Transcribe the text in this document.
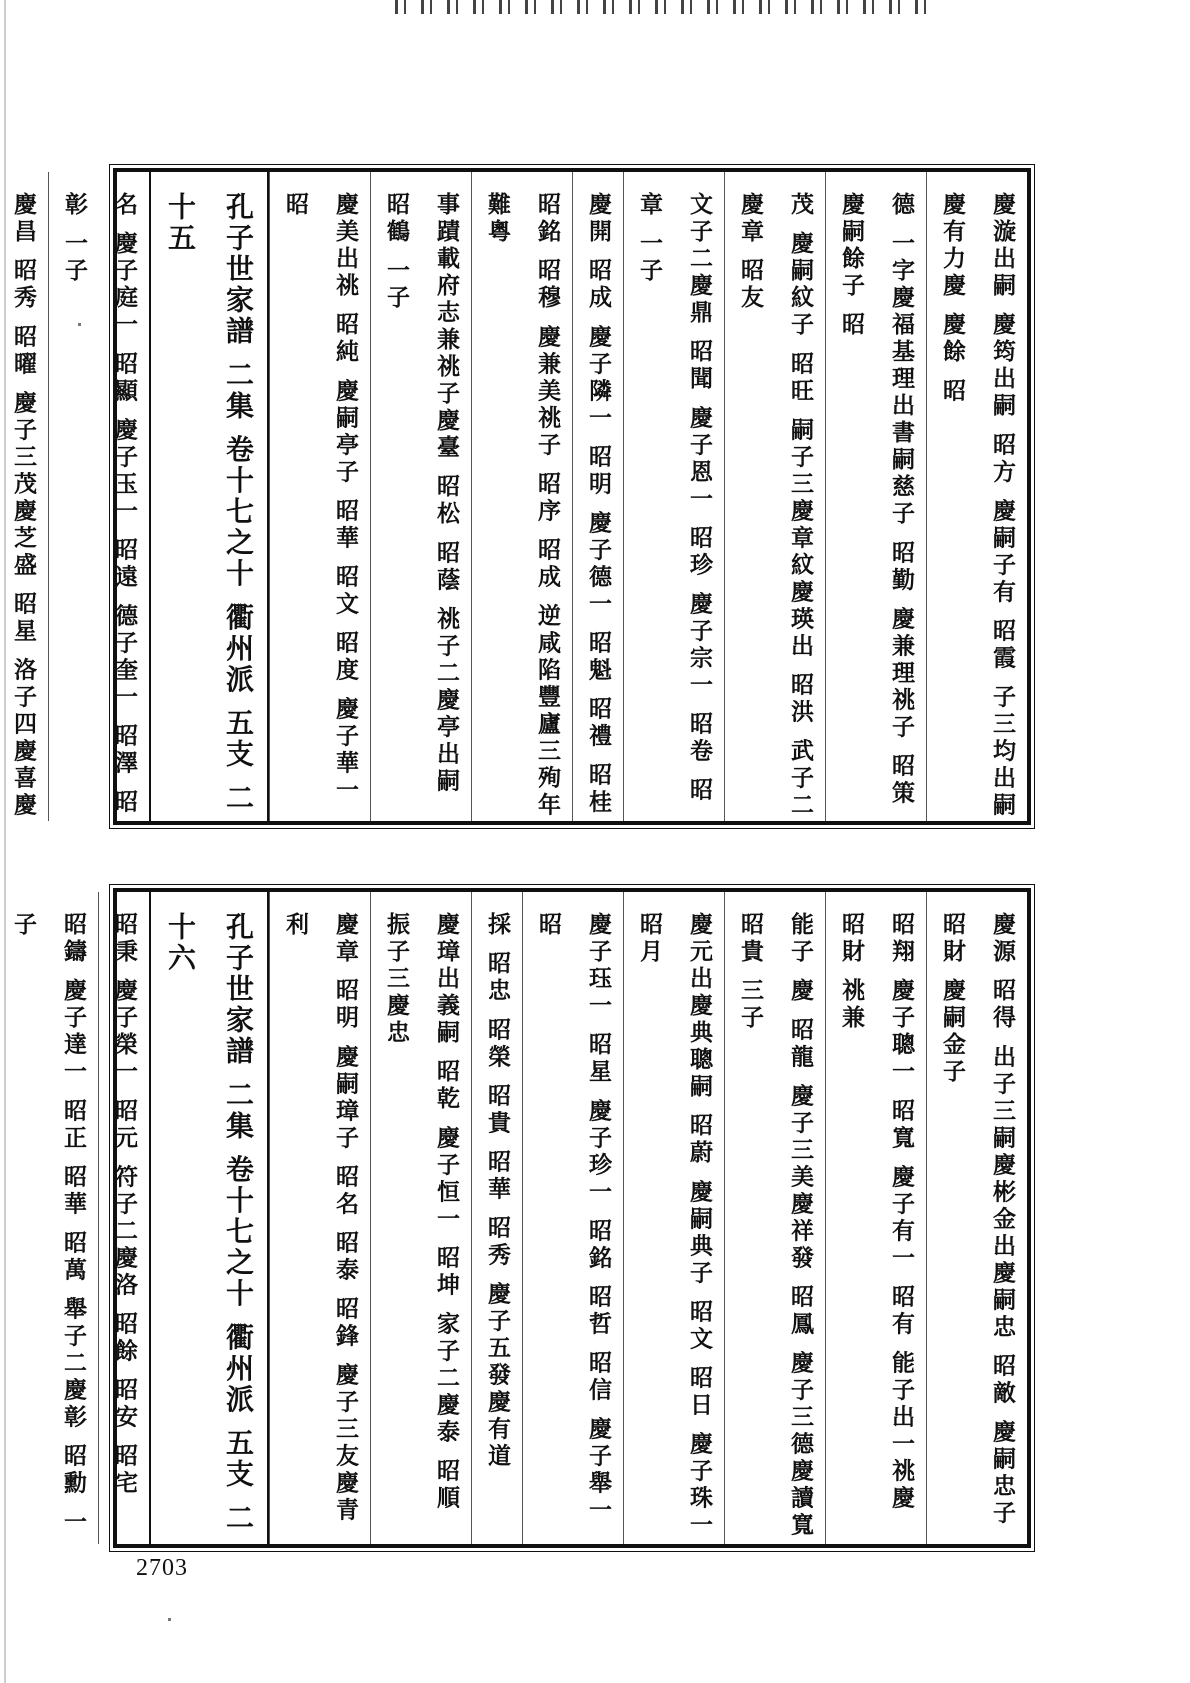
慶漩出嗣 慶筠出嗣 昭方 慶嗣子有 昭霞 子三均出嗣慶有力慶 慶餘 昭
德 一字慶福基理出書嗣慈子 昭勤 慶兼理祧子 昭策 慶嗣餘子 昭
茂 慶嗣紋子 昭旺 嗣子三慶章紋慶瑛出 昭洪 武子二慶章 昭友
文子二慶鼎 昭聞 慶子恩一 昭珍 慶子宗一 昭卷 昭章 一子
慶開 昭成 慶子隣一 昭明 慶子德一 昭魁 昭禮 昭桂
昭銘 昭穆 慶兼美祧子 昭序 昭成 逆咸陷豐廬三殉年難粵
事蹟載府志兼祧子慶臺 昭松 昭蔭 祧子二慶亭出嗣 昭鶴 一子
慶美出祧 昭純 慶嗣亭子 昭華 昭文 昭度 慶子華一 昭
孔子世家譜 二集 卷十七之十 衢州派 五支 二十五
名 慶子庭一 昭顯 慶子玉一 昭遠 德子奎一 昭澤 昭彰 一子
慶昌 昭秀 昭曜 慶子三茂慶芝盛 昭星 洛子四慶喜慶
慶源 昭得 出子三嗣慶彬金出慶嗣忠 昭敵 慶嗣忠子 昭財 慶嗣金子
昭翔 慶子聰一 昭寬 慶子有一 昭有 能子出一祧慶 昭財 祧兼
能子 慶 昭龍 慶子三美慶祥發 昭鳳 慶子三德慶讀寬 昭貴 三子
慶元出慶典聰嗣 昭蔚 慶嗣典子 昭文 昭日 慶子珠一 昭月
慶子珏一 昭星 慶子珍一 昭銘 昭哲 昭信 慶子舉一 昭
採 昭忠 昭榮 昭貴 昭華 昭秀 慶子五發慶有道
慶璋出義嗣 昭乾 慶子恒一 昭坤 家子二慶泰 昭順 振子三慶忠
慶章 昭明 慶嗣璋子 昭名 昭泰 昭鋒 慶子三友慶青利
孔子世家譜 二集 卷十七之十 衢州派 五支 二十六
昭秉 慶子榮一 昭元 符子二慶洛 昭餘 昭安 昭宅
昭鑄 慶子達一 昭正 昭華 昭萬 舉子二慶彰 昭勳 一子
2703
